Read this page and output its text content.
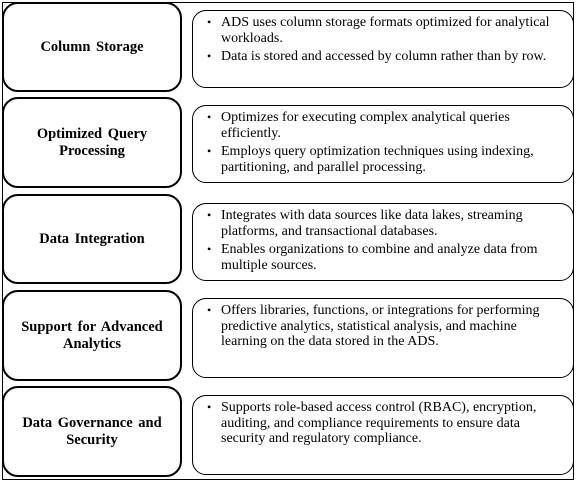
Column Storage
• ADS uses column storage formats optimized for analytical workloads.
• Data is stored and accessed by column rather than by row.
Optimized Query Processing
• Optimizes for executing complex analytical queries efficiently.
• Employs query optimization techniques using indexing, partitioning, and parallel processing.
Data Integration
• Integrates with data sources like data lakes, streaming platforms, and transactional databases.
• Enables organizations to combine and analyze data from multiple sources.
Support for Advanced Analytics
• Offers libraries, functions, or integrations for performing predictive analytics, statistical analysis, and machine learning on the data stored in the ADS.
Data Governance and Security
• Supports role-based access control (RBAC), encryption, auditing, and compliance requirements to ensure data security and regulatory compliance.
